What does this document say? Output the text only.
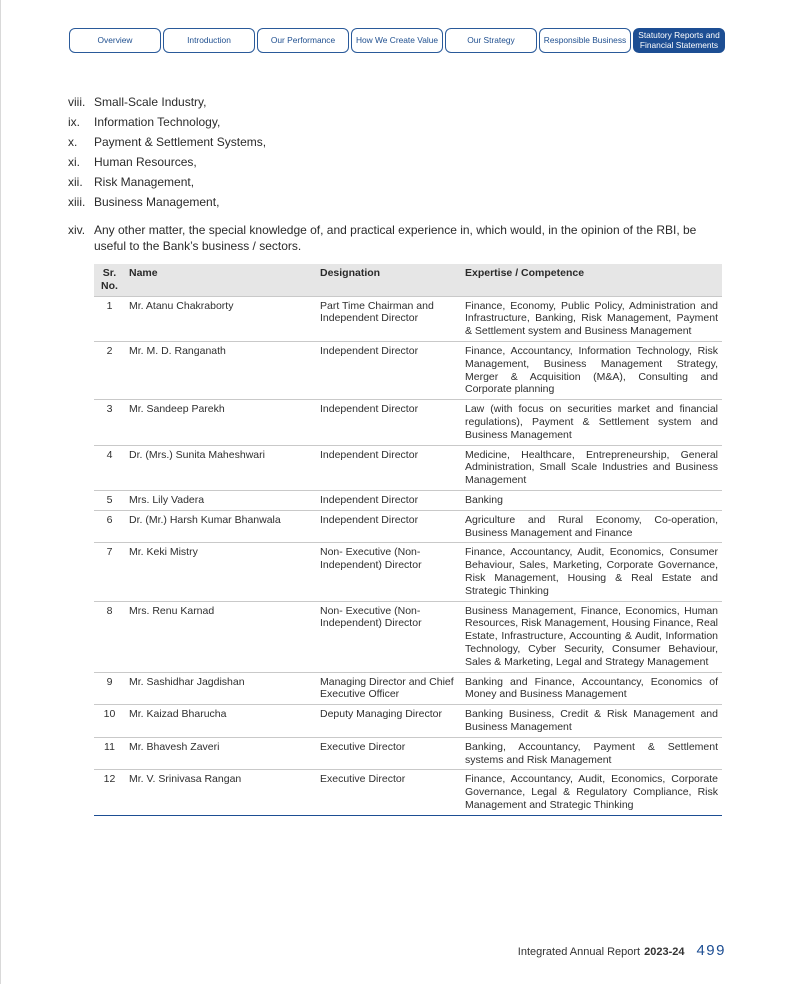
Overview	Introduction	Our Performance	How We Create Value	Our Strategy	Responsible Business	Statutory Reports and
Financial Statements
viii. Small-Scale Industry,
ix. Information Technology,
x. Payment & Settlement Systems,
xi. Human Resources,
xii. Risk Management,
xiii. Business Management,
xiv. Any other matter, the special knowledge of, and practical experience in, which would, in the opinion of the RBI, be useful to the Bank’s business / sectors.
Sr.
No.	Name	Designation	Expertise / Competence
1	Mr. Atanu Chakraborty	Part Time Chairman and Independent Director	Finance, Economy, Public Policy, Administration and Infrastructure, Banking, Risk Management, Payment & Settlement system and Business Management
2	Mr. M. D. Ranganath	Independent Director	Finance, Accountancy, Information Technology, Risk Management, Business Management Strategy, Merger & Acquisition (M&A), Consulting and Corporate planning
3	Mr. Sandeep Parekh	Independent Director	Law (with focus on securities market and financial regulations), Payment & Settlement system and Business Management
4	Dr. (Mrs.) Sunita Maheshwari	Independent Director	Medicine, Healthcare, Entrepreneurship, General Administration, Small Scale Industries and Business Management
5	Mrs. Lily Vadera	Independent Director	Banking
6	Dr. (Mr.) Harsh Kumar Bhanwala	Independent Director	Agriculture and Rural Economy, Co-operation, Business Management and Finance
7	Mr. Keki Mistry	Non- Executive (Non-Independent) Director	Finance, Accountancy, Audit, Economics, Consumer Behaviour, Sales, Marketing, Corporate Governance, Risk Management, Housing & Real Estate and Strategic Thinking
8	Mrs. Renu Karnad	Non- Executive (Non-Independent) Director	Business Management, Finance, Economics, Human Resources, Risk Management, Housing Finance, Real Estate, Infrastructure, Accounting & Audit, Information Technology, Cyber Security, Consumer Behaviour, Sales & Marketing, Legal and Strategy Management
9	Mr. Sashidhar Jagdishan	Managing Director and Chief Executive Officer	Banking and Finance, Accountancy, Economics of Money and Business Management
10	Mr. Kaizad Bharucha	Deputy Managing Director	Banking Business, Credit & Risk Management and Business Management
11	Mr. Bhavesh Zaveri	Executive Director	Banking, Accountancy, Payment & Settlement systems and Risk Management
12	Mr. V. Srinivasa Rangan	Executive Director	Finance, Accountancy, Audit, Economics, Corporate Governance, Legal & Regulatory Compliance, Risk Management and Strategic Thinking
Integrated Annual Report 2023-24 499
